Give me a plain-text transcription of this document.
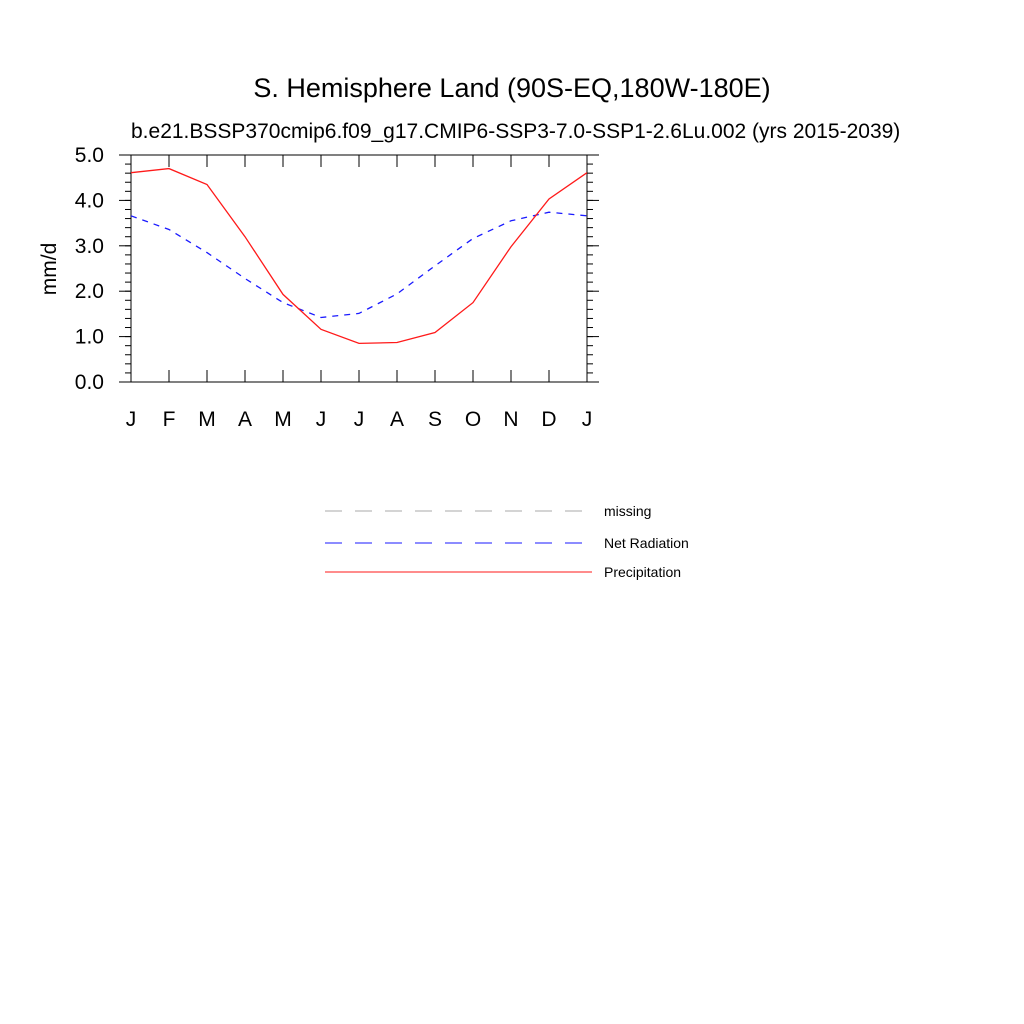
S. Hemisphere Land (90S-EQ,180W-180E)
b.e21.BSSP370cmip6.f09_g17.CMIP6-SSP3-7.0-SSP1-2.6Lu.002 (yrs 2015-2039)
mm/d
J F M A M J J A S O N D J
0.0
1.0
2.0
3.0
4.0
5.0
missing
Net Radiation
Precipitation
